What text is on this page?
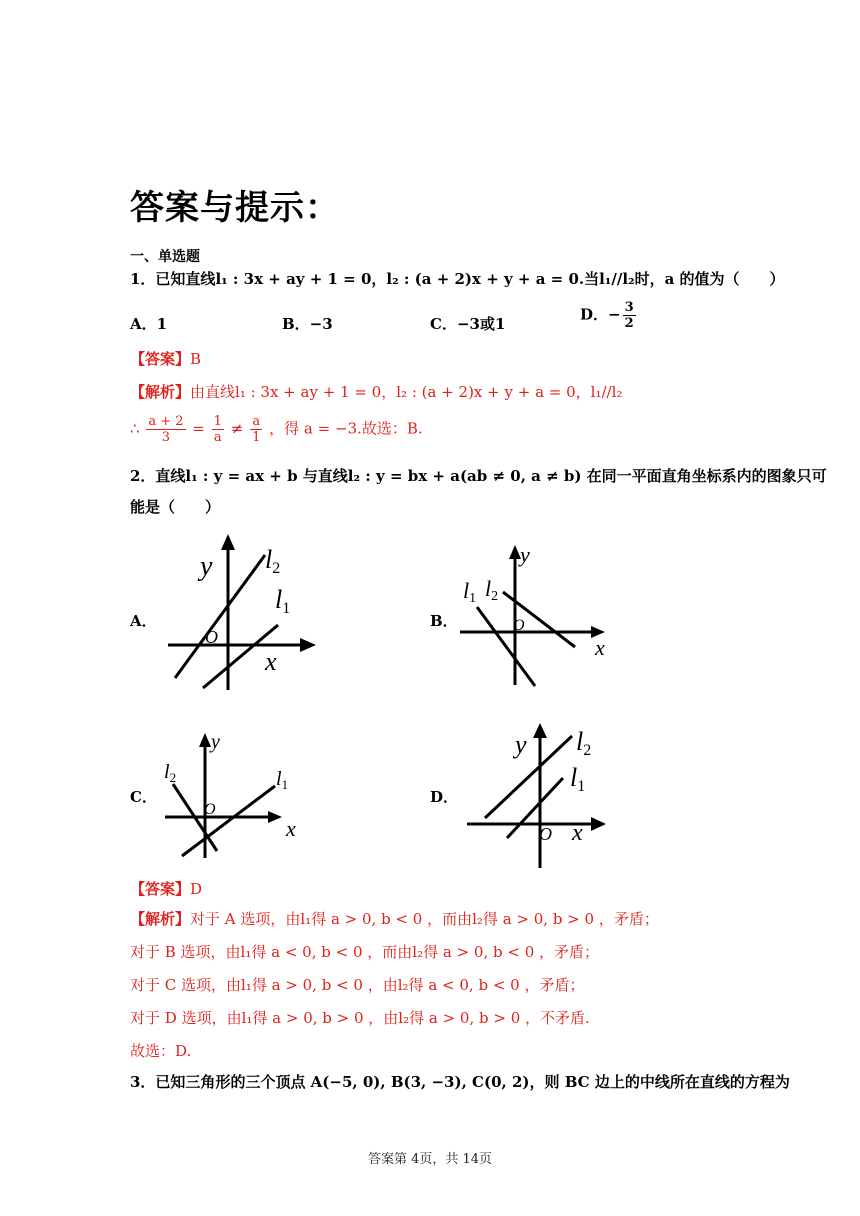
答案与提示：
一、单选题
1．已知直线l₁ : 3x + ay + 1 = 0，l₂ : (a + 2)x + y + a = 0.当l₁//l₂时，a 的值为（　　）
A．1	B．−3	C．−3或1
D．− $\frac{3}{2}$
【答案】B
【解析】由直线l₁ : 3x + ay + 1 = 0，l₂ : (a + 2)x + y + a = 0，l₁//l₂
∴ $\frac{a + 2}{3} = \frac{1}{a} \ne \frac{a}{1}$ ，得 a = −3.故选：B.
2．直线l₁ : y = ax + b 与直线l₂ : y = bx + a(ab ≠ 0, a ≠ b) 在同一平面直角坐标系内的图象只可
能是（　　）
A．	B．
C．	D．
y
x
O
l2
l1
y
x
O
l1 l2
y
x
O
$l_2$	$l_1$
y
x
O
l2
l1
【答案】D
【解析】对于 A 选项，由l₁得 a > 0, b < 0 ，而由l₂得 a > 0, b > 0 ，矛盾；
对于 B 选项，由l₁得 a < 0, b < 0 ，而由l₂得 a > 0, b < 0 ，矛盾；
对于 C 选项，由l₁得 a > 0, b < 0 ，由l₂得 a < 0, b < 0 ，矛盾；
对于 D 选项，由l₁得 a > 0, b > 0 ，由l₂得 a > 0, b > 0 ，不矛盾.
故选：D.
3．已知三角形的三个顶点 A(−5, 0), B(3, −3), C(0, 2)，则 BC 边上的中线所在直线的方程为
答案第 4页，共 14页
